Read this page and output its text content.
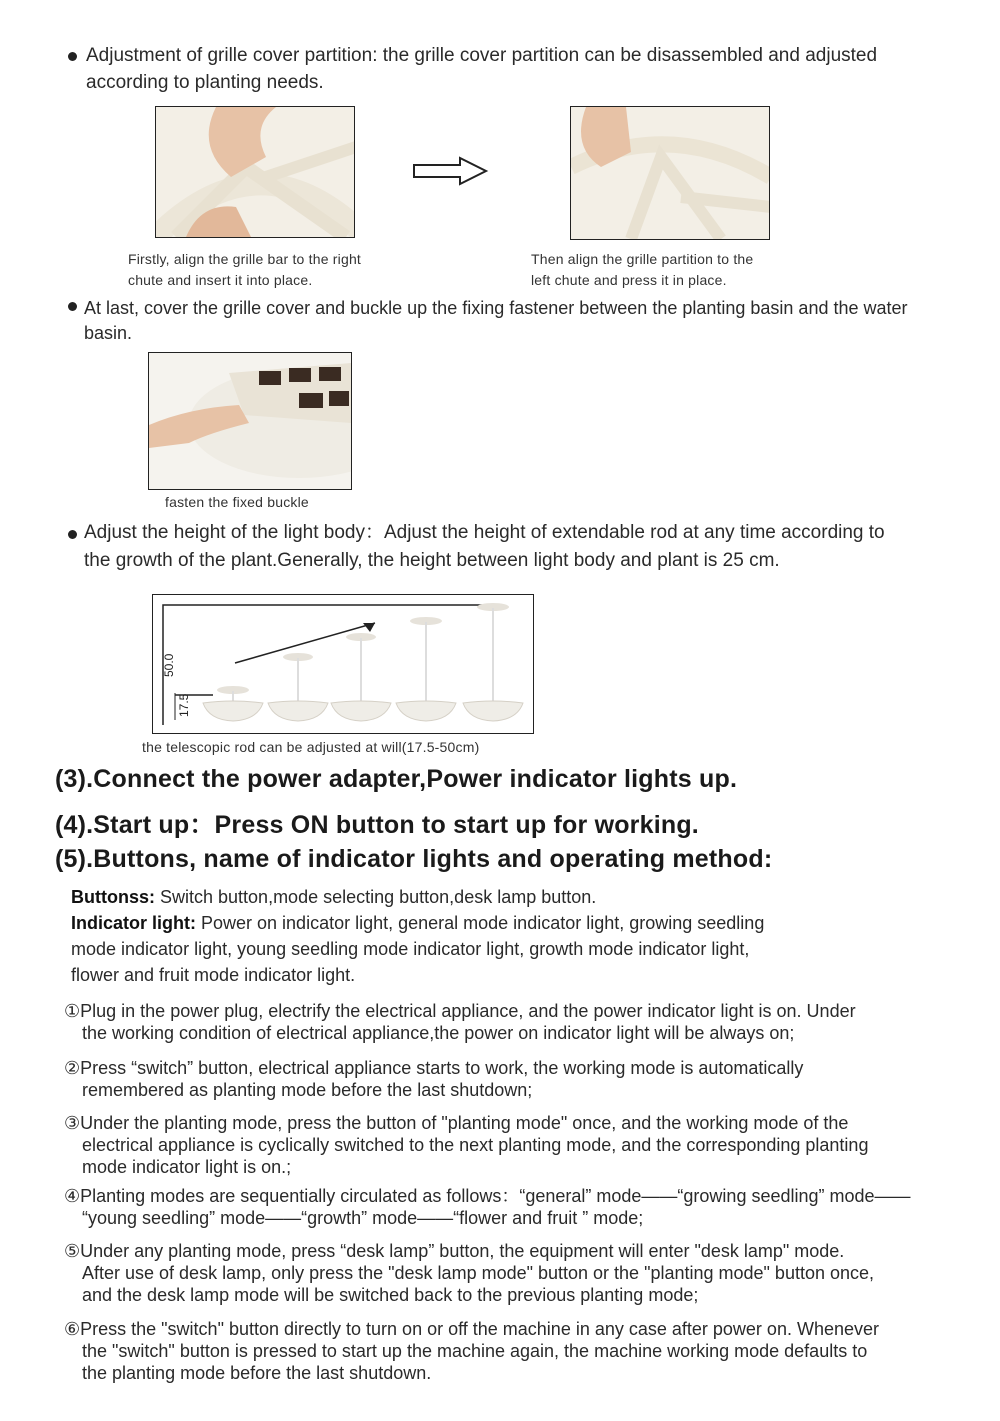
Adjustment of grille cover partition: the grille cover partition can be disassembled and adjusted
according to planting needs.
Firstly, align the grille bar to the right
chute and insert it into place.
Then align the grille partition to the
left chute and press it in place.
At last, cover the grille cover and buckle up the fixing fastener between the planting basin and the water
basin.
fasten the fixed buckle
Adjust the height of the light body：Adjust the height of extendable rod at any time according to
the growth of the plant.Generally, the height between light body and plant is 25 cm.
50.0
17.5
the telescopic rod can be adjusted at will(17.5-50cm)
(3).Connect the power adapter,Power indicator lights up.
(4).Start up：Press ON button to start up for working.
(5).Buttons, name of indicator lights and operating method:
Buttonss: Switch button,mode selecting button,desk lamp button.
Indicator light: Power on indicator light, general mode indicator light, growing seedling
mode indicator light, young seedling mode indicator light, growth mode indicator light,
flower and fruit mode indicator light.
①Plug in the power plug, electrify the electrical appliance, and the power indicator light is on. Under
the working condition of electrical appliance,the power on indicator light will be always on;
②Press “switch” button, electrical appliance starts to work, the working mode is automatically
remembered as planting mode before the last shutdown;
③Under the planting mode, press the button of "planting mode" once, and the working mode of the
electrical appliance is cyclically switched to the next planting mode, and the corresponding planting
mode indicator light is on.;
④Planting modes are sequentially circulated as follows：“general” mode——“growing seedling” mode——
“young seedling” mode——“growth” mode——“flower and fruit ” mode;
⑤Under any planting mode, press “desk lamp” button, the equipment will enter "desk lamp" mode.
After use of desk lamp, only press the "desk lamp mode" button or the "planting mode" button once,
and the desk lamp mode will be switched back to the previous planting mode;
⑥Press the "switch" button directly to turn on or off the machine in any case after power on. Whenever
the "switch" button is pressed to start up the machine again, the machine working mode defaults to
the planting mode before the last shutdown.
